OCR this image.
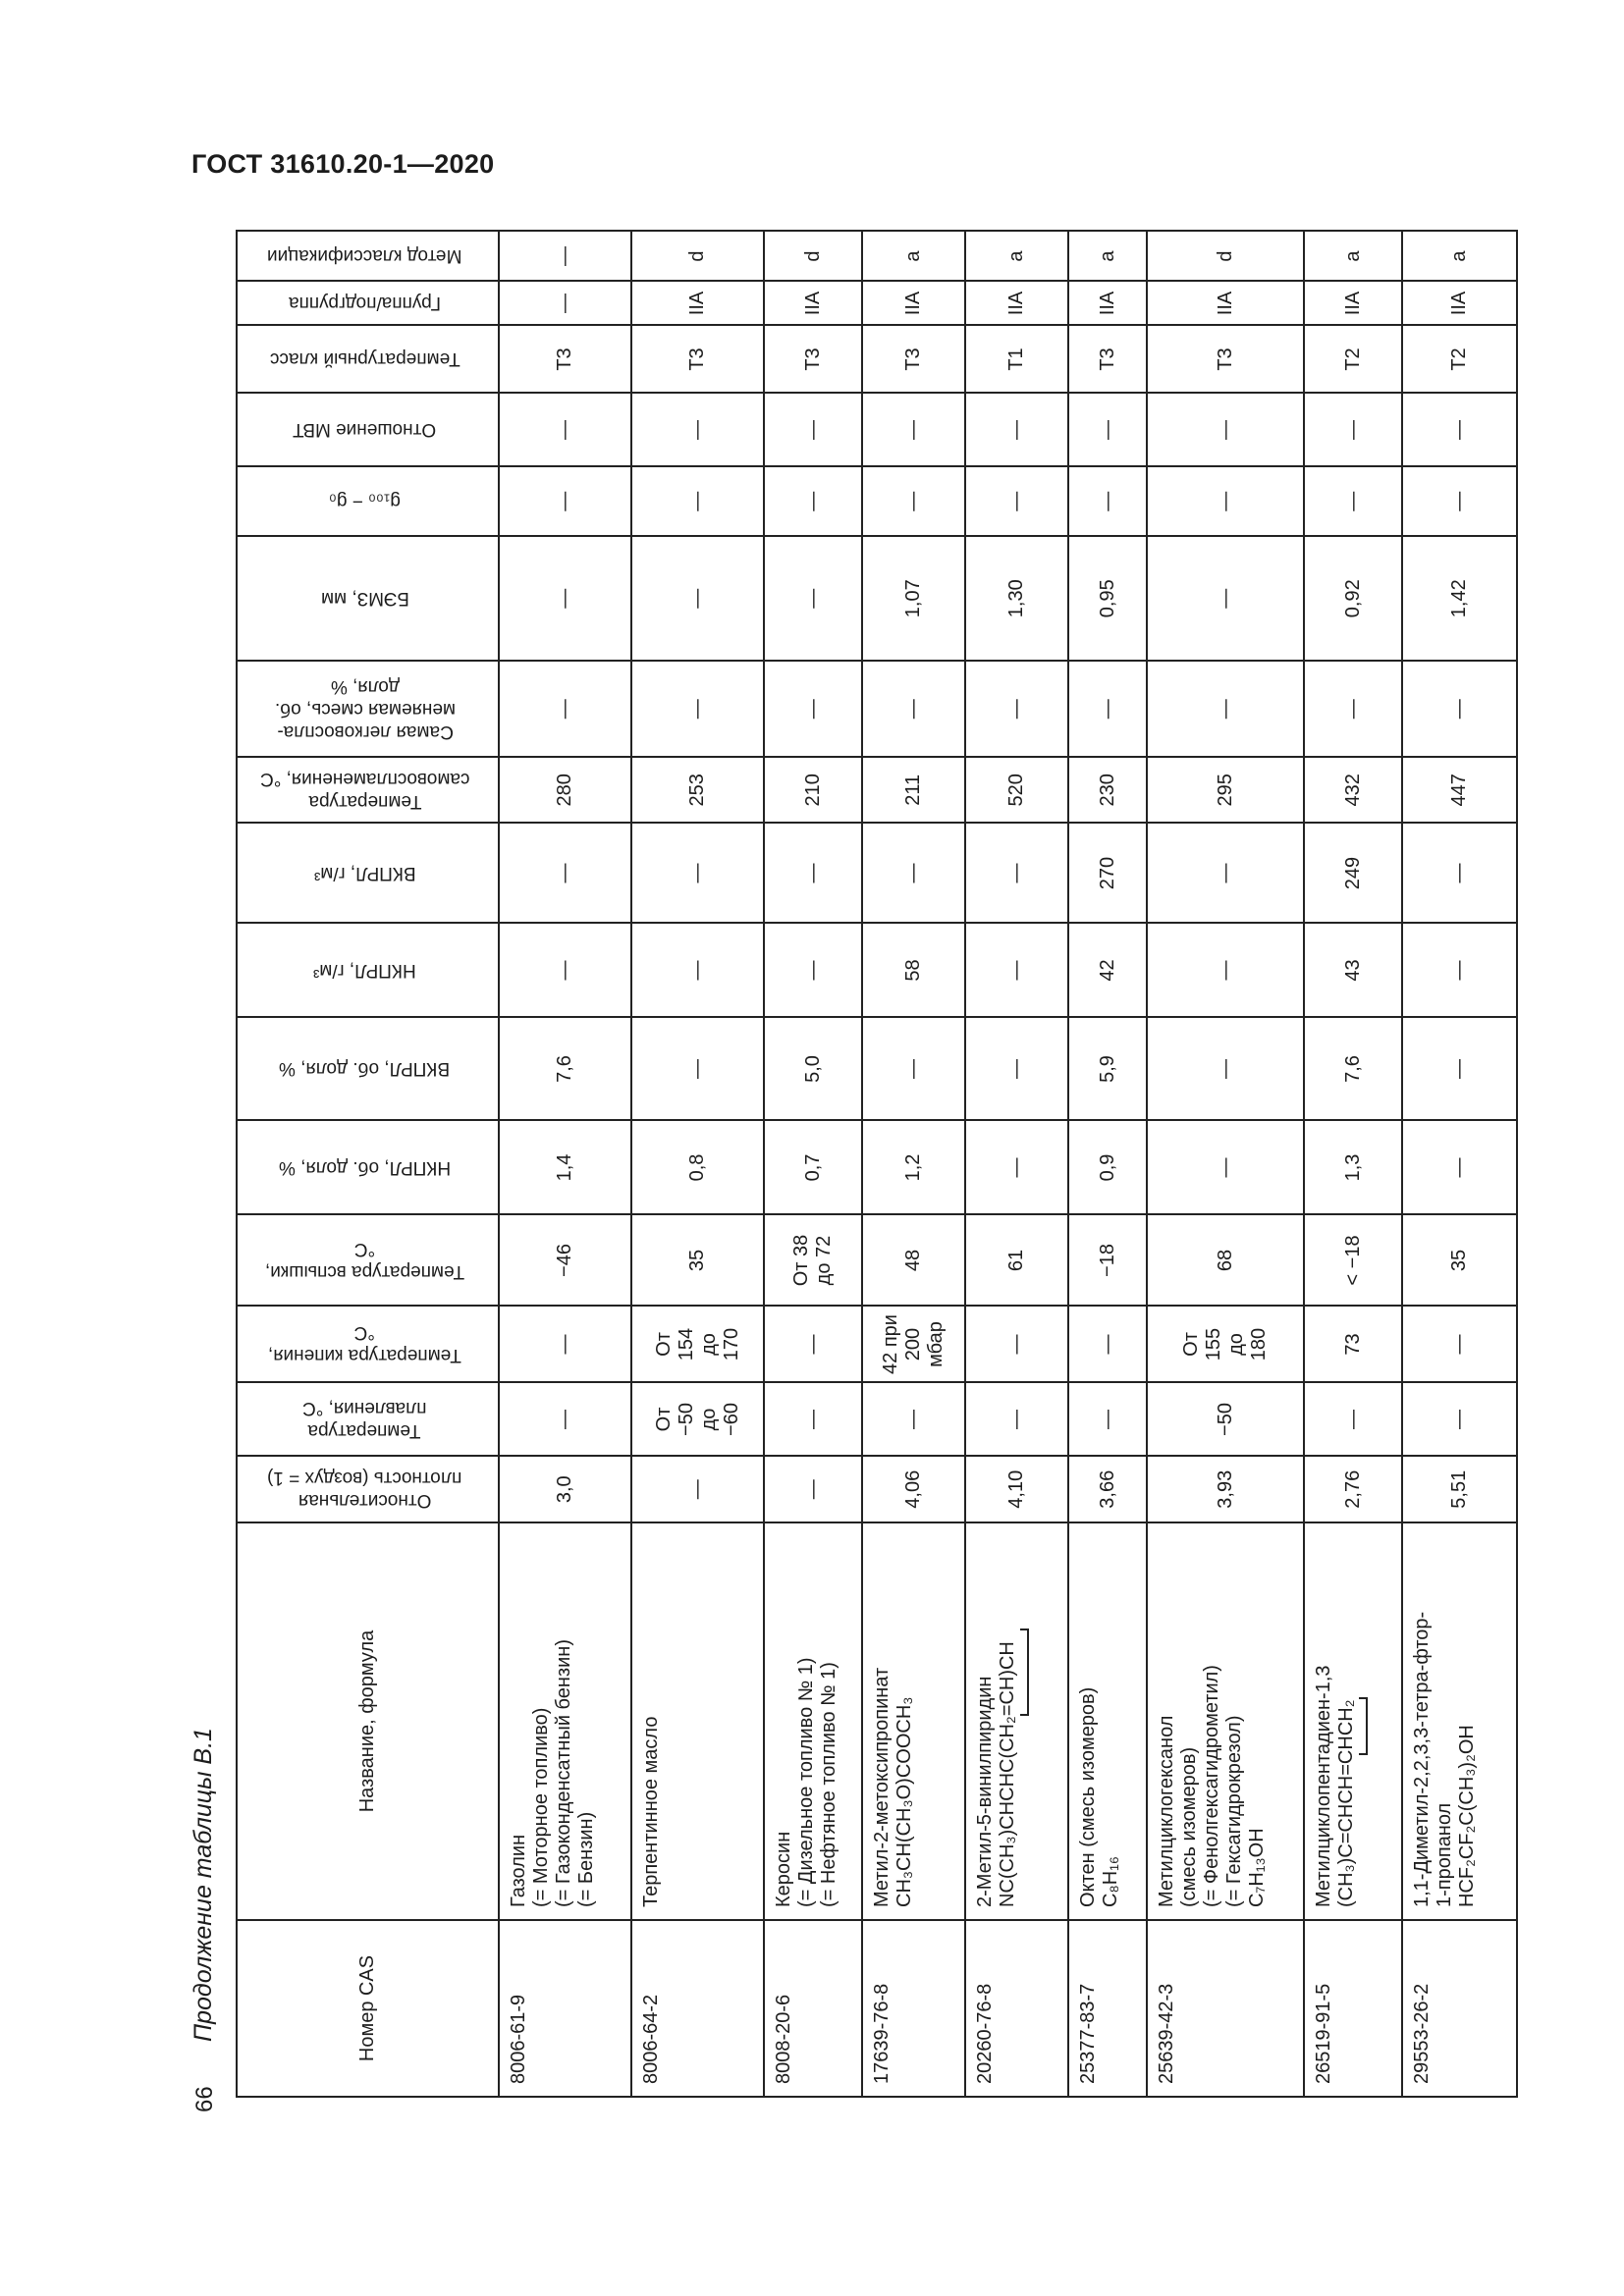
ГОСТ 31610.20-1—2020
Продолжение таблицы В.1
66
Номер CAS	Название, формула	Относительная
плотность (воздух = 1)	Температура
плавления, °С	Температура кипения,
°С	Температура вспышки,
°С	НКПРЛ, об. доля, %	ВКПРЛ, об. доля, %	НКПРЛ, г/м³	ВКПРЛ, г/м³	Температура
самовоспламенения, °С	Самая легковоспла-
меняемая смесь, об.
доля, %	БЭМЗ, мм	g₁₀₀ − g₀	Отношение МВТ	Температурный класс	Группа/подгруппа	Метод классификации

8006-61-9	Газолин (= Моторное топливо) (= Газоконденсатный бензин) (= Бензин)	3,0	—	—	−46	1,4	7,6	—	—	280	—	—	—	—	T3	—	—

8006-64-2	Терпентинное масло	—	От −50 до −60	От 154 до 170	35	0,8	—	—	—	253	—	—	—	—	T3	IIA	d

8008-20-6	Керосин (= Дизельное топливо № 1) (= Нефтяное топливо № 1)	—	—	—	От 38 до 72	0,7	5,0	—	—	210	—	—	—	—	T3	IIA	d

17639-76-8	Метил-2-метоксипропинат CH₃CH(CH₃O)COOCH₃	4,06	—	42 при 200 мбар	48	1,2	—	58	—	211	—	1,07	—	—	T3	IIA	a

20260-76-8	2-Метил-5-винилпиридин NC(CH₃)CHCHC(CH₂=CH)CH	4,10	—	—	61	—	—	—	—	520	—	1,30	—	—	T1	IIA	a

25377-83-7	Октен (смесь изомеров) C₈H₁₆	3,66	—	—	−18	0,9	5,9	42	270	230	—	0,95	—	—	T3	IIA	a

25639-42-3	Метилциклогексанол (смесь изомеров) (= Фенолгексагидрометил) (= Гексагидрокрезол) C₇H₁₃OH	3,93	−50	От 155 до 180	68	—	—	—	—	295	—	—	—	—	T3	IIA	d

26519-91-5	Метилциклопентадиен-1,3 (CH₃)C=CHCH=CHCH₂	2,76	—	73	< −18	1,3	7,6	43	249	432	—	0,92	—	—	T2	IIA	a

29553-26-2	1,1-Диметил-2,2,3,3-тетра-фтор- 1-пропанол HCF₂CF₂C(CH₃)₂OH	5,51	—	—	35	—	—	—	—	447	—	1,42	—	—	T2	IIA	a
